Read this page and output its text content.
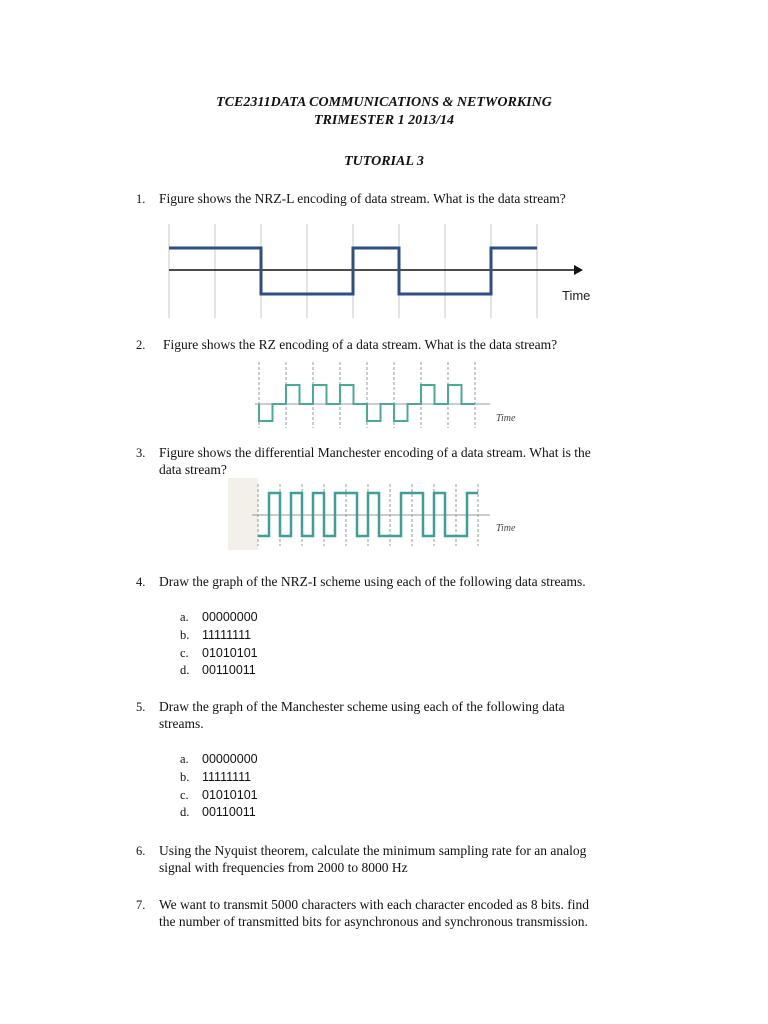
TCE2311DATA COMMUNICATIONS & NETWORKING
TRIMESTER 1 2013/14
TUTORIAL 3
1. Figure shows the NRZ-L encoding of data stream. What is the data stream?
Time
2. Figure shows the RZ encoding of a data stream. What is the data stream?
Time
3. Figure shows the differential Manchester encoding of a data stream. What is the
data stream?
Time
4. Draw the graph of the NRZ-I scheme using each of the following data streams.
a. 00000000
b. 11111111
c. 01010101
d. 00110011
5. Draw the graph of the Manchester scheme using each of the following data
streams.
a. 00000000
b. 11111111
c. 01010101
d. 00110011
6. Using the Nyquist theorem, calculate the minimum sampling rate for an analog
signal with frequencies from 2000 to 8000 Hz
7. We want to transmit 5000 characters with each character encoded as 8 bits. find
the number of transmitted bits for asynchronous and synchronous transmission.
